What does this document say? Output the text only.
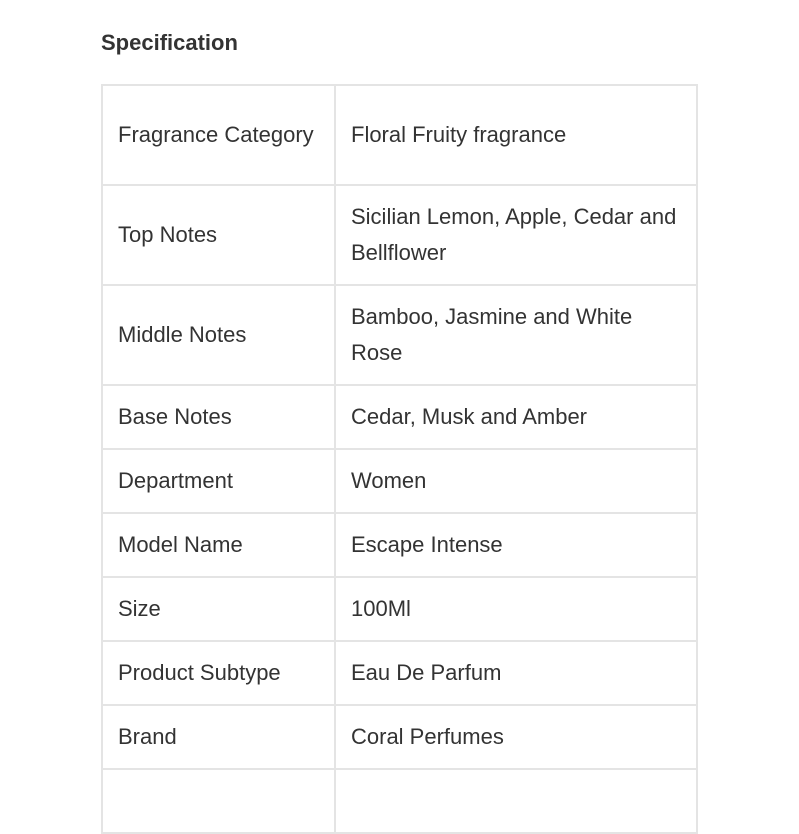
Specification
Fragrance Category	Floral Fruity fragrance
Top Notes	Sicilian Lemon, Apple, Cedar and Bellflower
Middle Notes	Bamboo, Jasmine and White Rose
Base Notes	Cedar, Musk and Amber
Department	Women
Model Name	Escape Intense
Size	100Ml
Product Subtype	Eau De Parfum
Brand	Coral Perfumes
